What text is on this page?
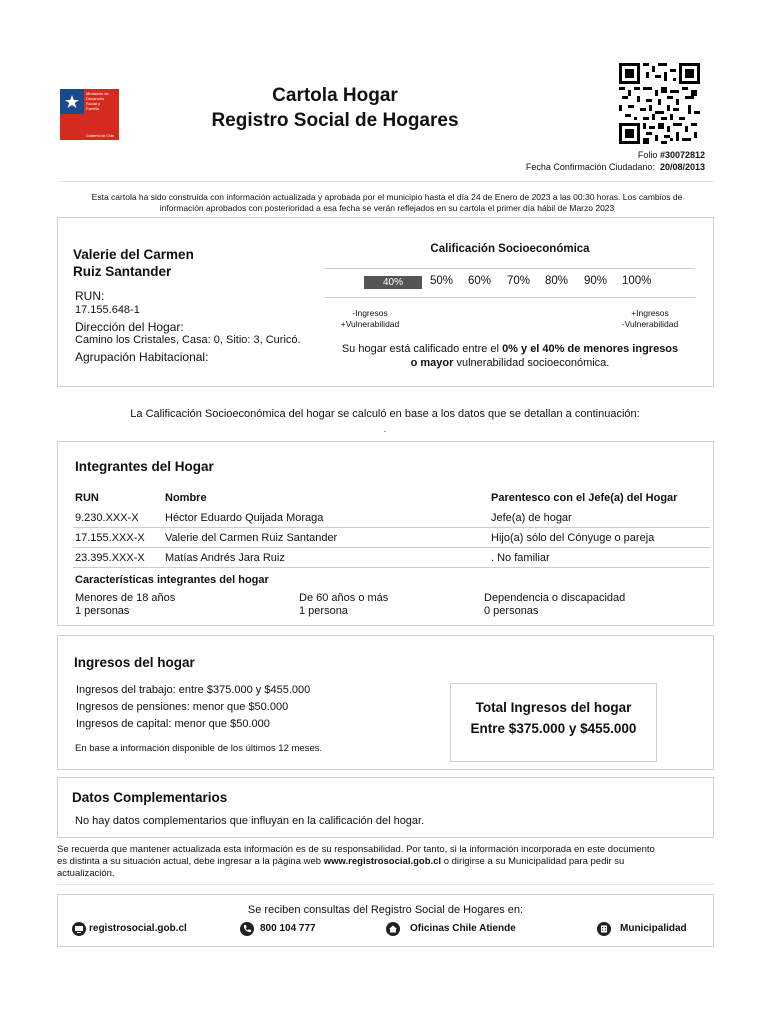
Ministerio de
Desarrollo
Social y
Familia
Gobierno de Chile
Cartola Hogar
Registro Social de Hogares
Folio #30072812
Fecha Confirmación Ciudadano: 20/08/2013
Esta cartola ha sido construida con información actualizada y aprobada por el municipio hasta el día 24 de Enero de 2023 a las 00:30 horas. Los cambios de
información aprobados con posterioridad a esa fecha se verán reflejados en su cartola el primer día hábil de Marzo 2023
Valerie del Carmen
Ruiz Santander
RUN:
17.155.648-1
Dirección del Hogar:
Camino los Cristales, Casa: 0, Sitio: 3, Curicó.
Agrupación Habitacional:
Calificación Socioeconómica
40%	50% 60% 70% 80% 90% 100%
-Ingresos
+Vulnerabilidad
+Ingresos
-Vulnerabilidad
Su hogar está calificado entre el 0% y el 40% de menores ingresos
o mayor vulnerabilidad socioeconómica.
La Calificación Socioeconómica del hogar se calculó en base a los datos que se detallan a continuación:
.
Integrantes del Hogar
RUN	Nombre	Parentesco con el Jefe(a) del Hogar
9.230.XXX-X Héctor Eduardo Quijada Moraga	Jefe(a) de hogar
17.155.XXX-X Valerie del Carmen Ruiz Santander	Hijo(a) sólo del Cónyuge o pareja
23.395.XXX-X Matías Andrés Jara Ruiz	. No familiar
Características integrantes del hogar
Menores de 18 años
1 personas
De 60 años o más
1 persona
Dependencia o discapacidad
0 personas
Ingresos del hogar
Ingresos del trabajo: entre $375.000 y $455.000
Ingresos de pensiones: menor que $50.000
Ingresos de capital: menor que $50.000
En base a información disponible de los últimos 12 meses.
Total Ingresos del hogar
Entre $375.000 y $455.000
Datos Complementarios
No hay datos complementarios que influyan en la calificación del hogar.
Se recuerda que mantener actualizada esta información es de su responsabilidad. Por tanto, si la información incorporada en este documento
es distinta a su situación actual, debe ingresar a la página web www.registrosocial.gob.cl o dirigirse a su Municipalidad para pedir su
actualización.
Se reciben consultas del Registro Social de Hogares en:
registrosocial.gob.cl	800 104 777	Oficinas Chile Atiende	Municipalidad
